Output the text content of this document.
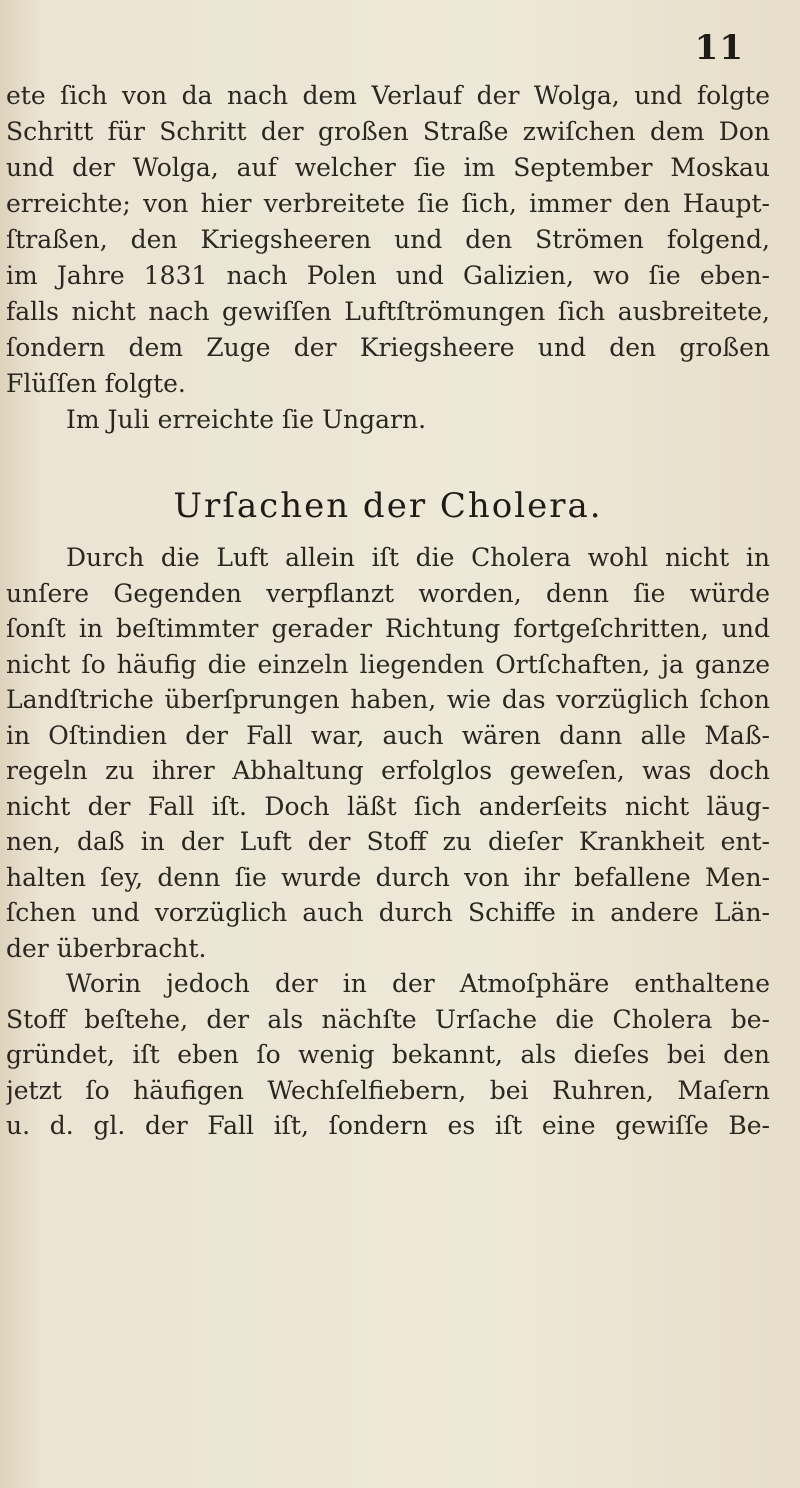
11
ete ſich von da nach dem Verlauf der Wolga, und folgte
Schritt für Schritt der großen Straße zwiſchen dem Don
und der Wolga, auf welcher ſie im September Moskau
erreichte; von hier verbreitete ſie ſich, immer den Haupt-
ſtraßen, den Kriegsheeren und den Strömen folgend,
im Jahre 1831 nach Polen und Galizien, wo ſie eben-
falls nicht nach gewiſſen Luftſtrömungen ſich ausbreitete,
ſondern dem Zuge der Kriegsheere und den großen
Flüſſen folgte.
Im Juli erreichte ſie Ungarn.
Urſachen der Cholera.
Durch die Luft allein iſt die Cholera wohl nicht in
unſere Gegenden verpflanzt worden, denn ſie würde
ſonſt in beſtimmter gerader Richtung fortgeſchritten, und
nicht ſo häufig die einzeln liegenden Ortſchaften, ja ganze
Landſtriche überſprungen haben, wie das vorzüglich ſchon
in Oſtindien der Fall war, auch wären dann alle Maß-
regeln zu ihrer Abhaltung erfolglos geweſen, was doch
nicht der Fall iſt. Doch läßt ſich anderſeits nicht läug-
nen, daß in der Luft der Stoff zu dieſer Krankheit ent-
halten ſey, denn ſie wurde durch von ihr befallene Men-
ſchen und vorzüglich auch durch Schiffe in andere Län-
der überbracht.
Worin jedoch der in der Atmoſphäre enthaltene
Stoff beſtehe, der als nächſte Urſache die Cholera be-
gründet, iſt eben ſo wenig bekannt, als dieſes bei den
jetzt ſo häufigen Wechſelfiebern, bei Ruhren, Maſern
u. d. gl. der Fall iſt, ſondern es iſt eine gewiſſe Be-
